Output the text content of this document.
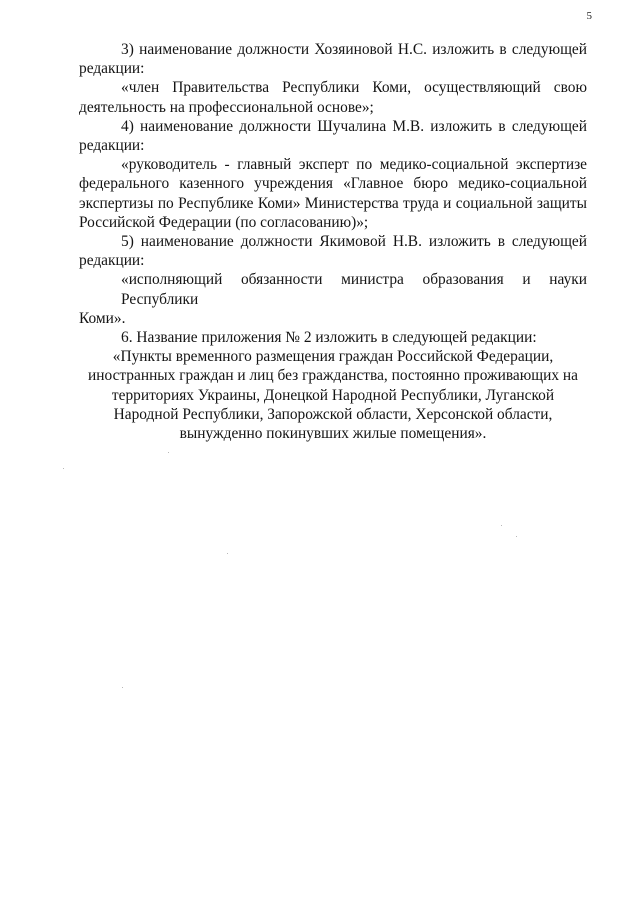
5
3) наименование должности Хозяиновой Н.С. изложить в следующей
редакции:
«член Правительства Республики Коми, осуществляющий свою
деятельность на профессиональной основе»;
4) наименование должности Шучалина М.В. изложить в следующей
редакции:
«руководитель - главный эксперт по медико-социальной экспертизе
федерального казенного учреждения «Главное бюро медико-социальной
экспертизы по Республике Коми» Министерства труда и социальной защиты
Российской Федерации (по согласованию)»;
5) наименование должности Якимовой Н.В. изложить в следующей
редакции:
«исполняющий обязанности министра образования и науки Республики
Коми».
6. Название приложения № 2 изложить в следующей редакции:
«Пункты временного размещения граждан Российской Федерации,
иностранных граждан и лиц без гражданства, постоянно проживающих на
территориях Украины, Донецкой Народной Республики, Луганской
Народной Республики, Запорожской области, Херсонской области,
вынужденно покинувших жилые помещения».
